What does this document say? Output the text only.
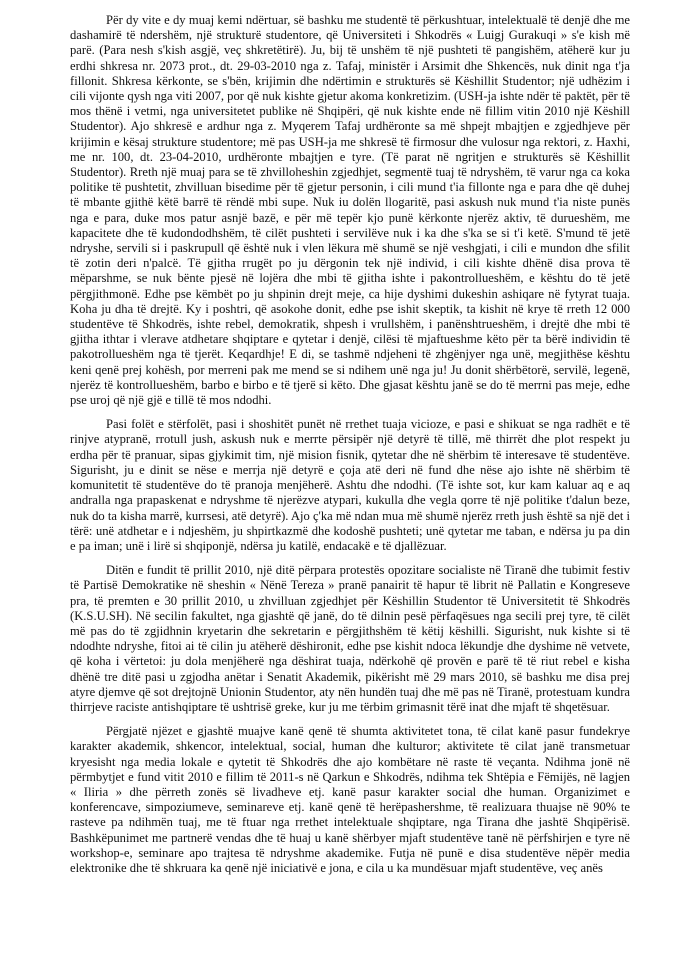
Për dy vite e dy muaj kemi ndërtuar, së bashku me studentë të përkushtuar, intelektualë të denjë dhe me dashamirë të ndershëm, një strukturë studentore, që Universiteti i Shkodrës « Luigj Gurakuqi » s'e kish më parë. (Para nesh s'kish asgjë, veç shkretëtirë). Ju, bij të unshëm të një pushteti të pangishëm, atëherë kur ju erdhi shkresa nr. 2073 prot., dt. 29-03-2010 nga z. Tafaj, ministër i Arsimit dhe Shkencës, nuk dinit nga t'ja fillonit. Shkresa kërkonte, se s'bën, krijimin dhe ndërtimin e strukturës së Këshillit Studentor; një udhëzim i cili vijonte qysh nga viti 2007, por që nuk kishte gjetur akoma konkretizim. (USH-ja ishte ndër të paktët, për të mos thënë i vetmi, nga universitetet publike në Shqipëri, që nuk kishte ende në fillim vitin 2010 një Këshill Studentor). Ajo shkresë e ardhur nga z. Myqerem Tafaj urdhëronte sa më shpejt mbajtjen e zgjedhjeve për krijimin e kësaj strukture studentore; më pas USH-ja me shkresë të firmosur dhe vulosur nga rektori, z. Haxhi, me nr. 100, dt. 23-04-2010, urdhëronte mbajtjen e tyre. (Të parat në ngritjen e strukturës së Këshillit Studentor). Rreth një muaj para se të zhvilloheshin zgjedhjet, segmentë tuaj të ndryshëm, të varur nga ca koka politike të pushtetit, zhvilluan bisedime për të gjetur personin, i cili mund t'ia fillonte nga e para dhe që duhej të mbante gjithë këtë barrë të rëndë mbi supe. Nuk iu dolën llogaritë, pasi askush nuk mund t'ia niste punës nga e para, duke mos patur asnjë bazë, e për më tepër kjo punë kërkonte njerëz aktiv, të durueshëm, me kapacitete dhe të kudondodhshëm, të cilët pushteti i servilëve nuk i ka dhe s'ka se si t'i ketë. S'mund të jetë ndryshe, servili si i paskrupull që është nuk i vlen lëkura më shumë se një veshgjati, i cili e mundon dhe sfilit të zotin deri n'palcë. Të gjitha rrugët po ju dërgonin tek një individ, i cili kishte dhënë disa prova të mëparshme, se nuk bënte pjesë në lojëra dhe mbi të gjitha ishte i pakontrollueshëm, e kështu do të jetë përgjithmonë. Edhe pse këmbët po ju shpinin drejt meje, ca hije dyshimi dukeshin ashiqare në fytyrat tuaja. Koha ju dha të drejtë. Ky i poshtri, që asokohe donit, edhe pse ishit skeptik, ta kishit në krye të rreth 12 000 studentëve të Shkodrës, ishte rebel, demokratik, shpesh i vrullshëm, i panënshtrueshëm, i drejtë dhe mbi të gjitha ithtar i vlerave atdhetare shqiptare e qytetar i denjë, cilësi të mjaftueshme këto për ta bërë individin të pakotrollueshëm nga të tjerët. Keqardhje! E di, se tashmë ndjeheni të zhgënjyer nga unë, megjithëse kështu keni qenë prej kohësh, por merreni pak me mend se si ndihem unë nga ju! Ju donit shërbëtorë, servilë, legenë, njerëz të kontrollueshëm, barbo e birbo e të tjerë si këto. Dhe gjasat kështu janë se do të merrni pas meje, edhe pse uroj që një gjë e tillë të mos ndodhi.

Pasi folët e stërfolët, pasi i shoshitët punët në rrethet tuaja vicioze, e pasi e shikuat se nga radhët e të rinjve atypranë, rrotull jush, askush nuk e merrte përsipër një detyrë të tillë, më thirrët dhe plot respekt ju erdha për të pranuar, sipas gjykimit tim, një mision fisnik, qytetar dhe në shërbim të interesave të studentëve. Sigurisht, ju e dinit se nëse e merrja një detyrë e çoja atë deri në fund dhe nëse ajo ishte në shërbim të komunitetit të studentëve do të pranoja menjëherë. Ashtu dhe ndodhi. (Të ishte sot, kur kam kaluar aq e aq andralla nga prapaskenat e ndryshme të njerëzve atypari, kukulla dhe vegla qorre të një politike t'dalun beze, nuk do ta kisha marrë, kurrsesi, atë detyrë). Ajo ç'ka më ndan mua më shumë njerëz rreth jush është sa një det i tërë: unë atdhetar e i ndjeshëm, ju shpirtkazmë dhe kodoshë pushteti; unë qytetar me taban, e ndërsa ju pa din e pa iman; unë i lirë si shqiponjë, ndërsa ju katilë, endacakë e të djallëzuar.

Ditën e fundit të prillit 2010, një ditë përpara protestës opozitare socialiste në Tiranë dhe tubimit festiv të Partisë Demokratike në sheshin « Nënë Tereza » pranë panairit të hapur të librit në Pallatin e Kongreseve pra, të premten e 30 prillit 2010, u zhvilluan zgjedhjet për Këshillin Studentor të Universitetit të Shkodrës (K.S.U.SH). Në secilin fakultet, nga gjashtë që janë, do të dilnin pesë përfaqësues nga secili prej tyre, të cilët më pas do të zgjidhnin kryetarin dhe sekretarin e përgjithshëm të këtij këshilli. Sigurisht, nuk kishte si të ndodhte ndryshe, fitoi ai të cilin ju atëherë dëshironit, edhe pse kishit ndoca lëkundje dhe dyshime në vetvete, që koha i vërtetoi: ju dola menjëherë nga dëshirat tuaja, ndërkohë që provën e parë të të riut rebel e kisha dhënë tre ditë pasi u zgjodha anëtar i Senatit Akademik, pikërisht më 29 mars 2010, së bashku me disa prej atyre djemve që sot drejtojnë Unionin Studentor, aty nën hundën tuaj dhe më pas në Tiranë, protestuam kundra thirrjeve raciste antishqiptare të ushtrisë greke, kur ju me tërbim grimasnit tërë inat dhe mjaft të shqetësuar.

Përgjatë njëzet e gjashtë muajve kanë qenë të shumta aktivitetet tona, të cilat kanë pasur fundekrye karakter akademik, shkencor, intelektual, social, human dhe kulturor; aktivitete të cilat janë transmetuar kryesisht nga media lokale e qytetit të Shkodrës dhe ajo kombëtare në raste të veçanta. Ndihma jonë në përmbytjet e fund vitit 2010 e fillim të 2011-s në Qarkun e Shkodrës, ndihma tek Shtëpia e Fëmijës, në lagjen « Iliria » dhe përreth zonës së livadheve etj. kanë pasur karakter social dhe human. Organizimet e konferencave, simpoziumeve, seminareve etj. kanë qenë të herëpashershme, të realizuara thuajse në 90% te rasteve pa ndihmën tuaj, me të ftuar nga rrethet intelektuale shqiptare, nga Tirana dhe jashtë Shqipërisë. Bashkëpunimet me partnerë vendas dhe të huaj u kanë shërbyer mjaft studentëve tanë në përfshirjen e tyre në workshop-e, seminare apo trajtesa të ndryshme akademike. Futja në punë e disa studentëve nëpër media elektronike dhe të shkruara ka qenë një iniciativë e jona, e cila u ka mundësuar mjaft studentëve, veç anës
